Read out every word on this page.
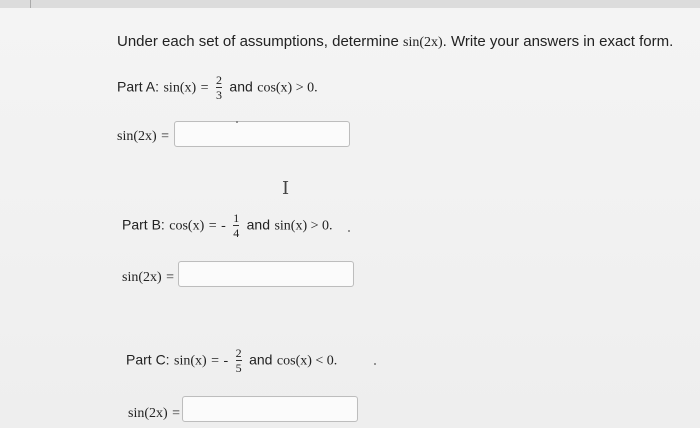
Under each set of assumptions, determine sin(2x). Write your answers in exact form.
Part A: $\sin(x) = \frac{2}{3}$ and cos(x) > 0.
sin(2x) =
I
Part B: cos(x) = - $\frac{1}{4}$ and sin(x) > 0.
sin(2x) =
Part C: sin(x) = - $\frac{2}{5}$ and cos(x) < 0.
sin(2x) =
